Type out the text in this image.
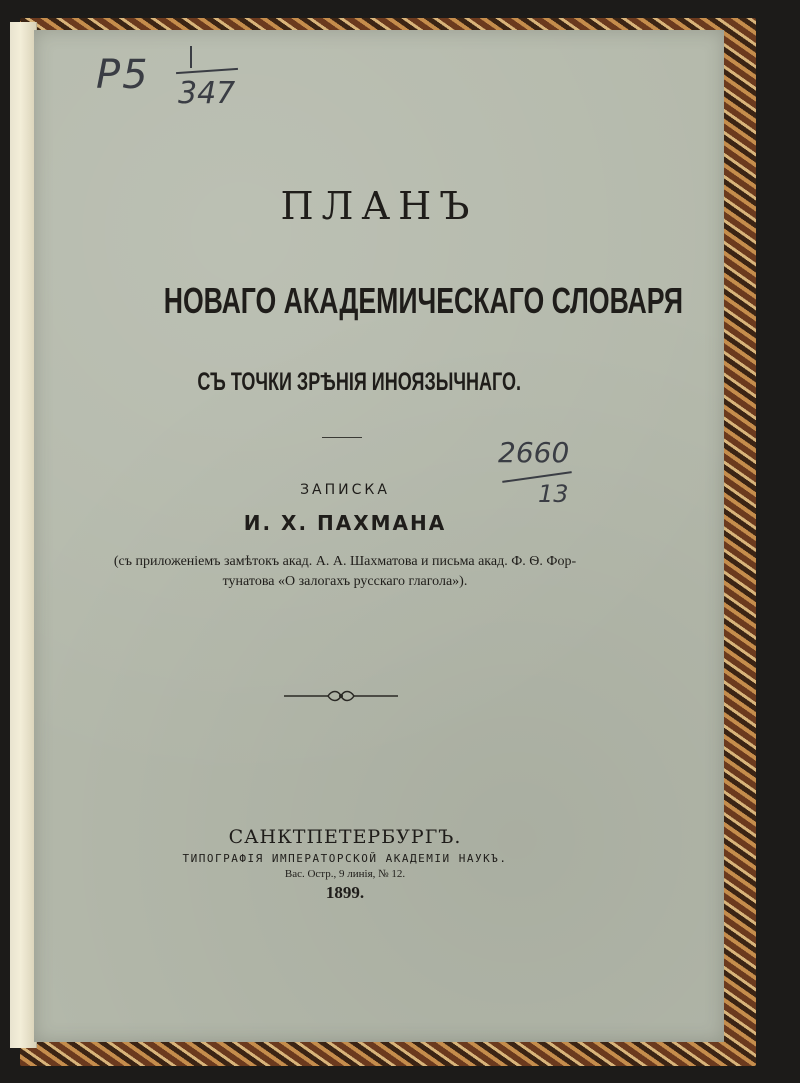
P5 347
ПЛАНЪ
НОВАГО АКАДЕМИЧЕСКАГО СЛОВАРЯ
СЪ ТОЧКИ ЗРѢНІЯ ИНОЯЗЫЧНАГО.
2660
13
ЗАПИСКА
И. Х. ПАХМАНА
(съ приложеніемъ замѣтокъ акад. А. А. Шахматова и письма акад. Ф. Ѳ. Фор-
тунатова «О залогахъ русскаго глагола»).
САНКТПЕТЕРБУРГЪ.
ТИПОГРАФІЯ ИМПЕРАТОРСКОЙ АКАДЕМІИ НАУКЪ.
Вас. Остр., 9 линія, № 12.
1899.
